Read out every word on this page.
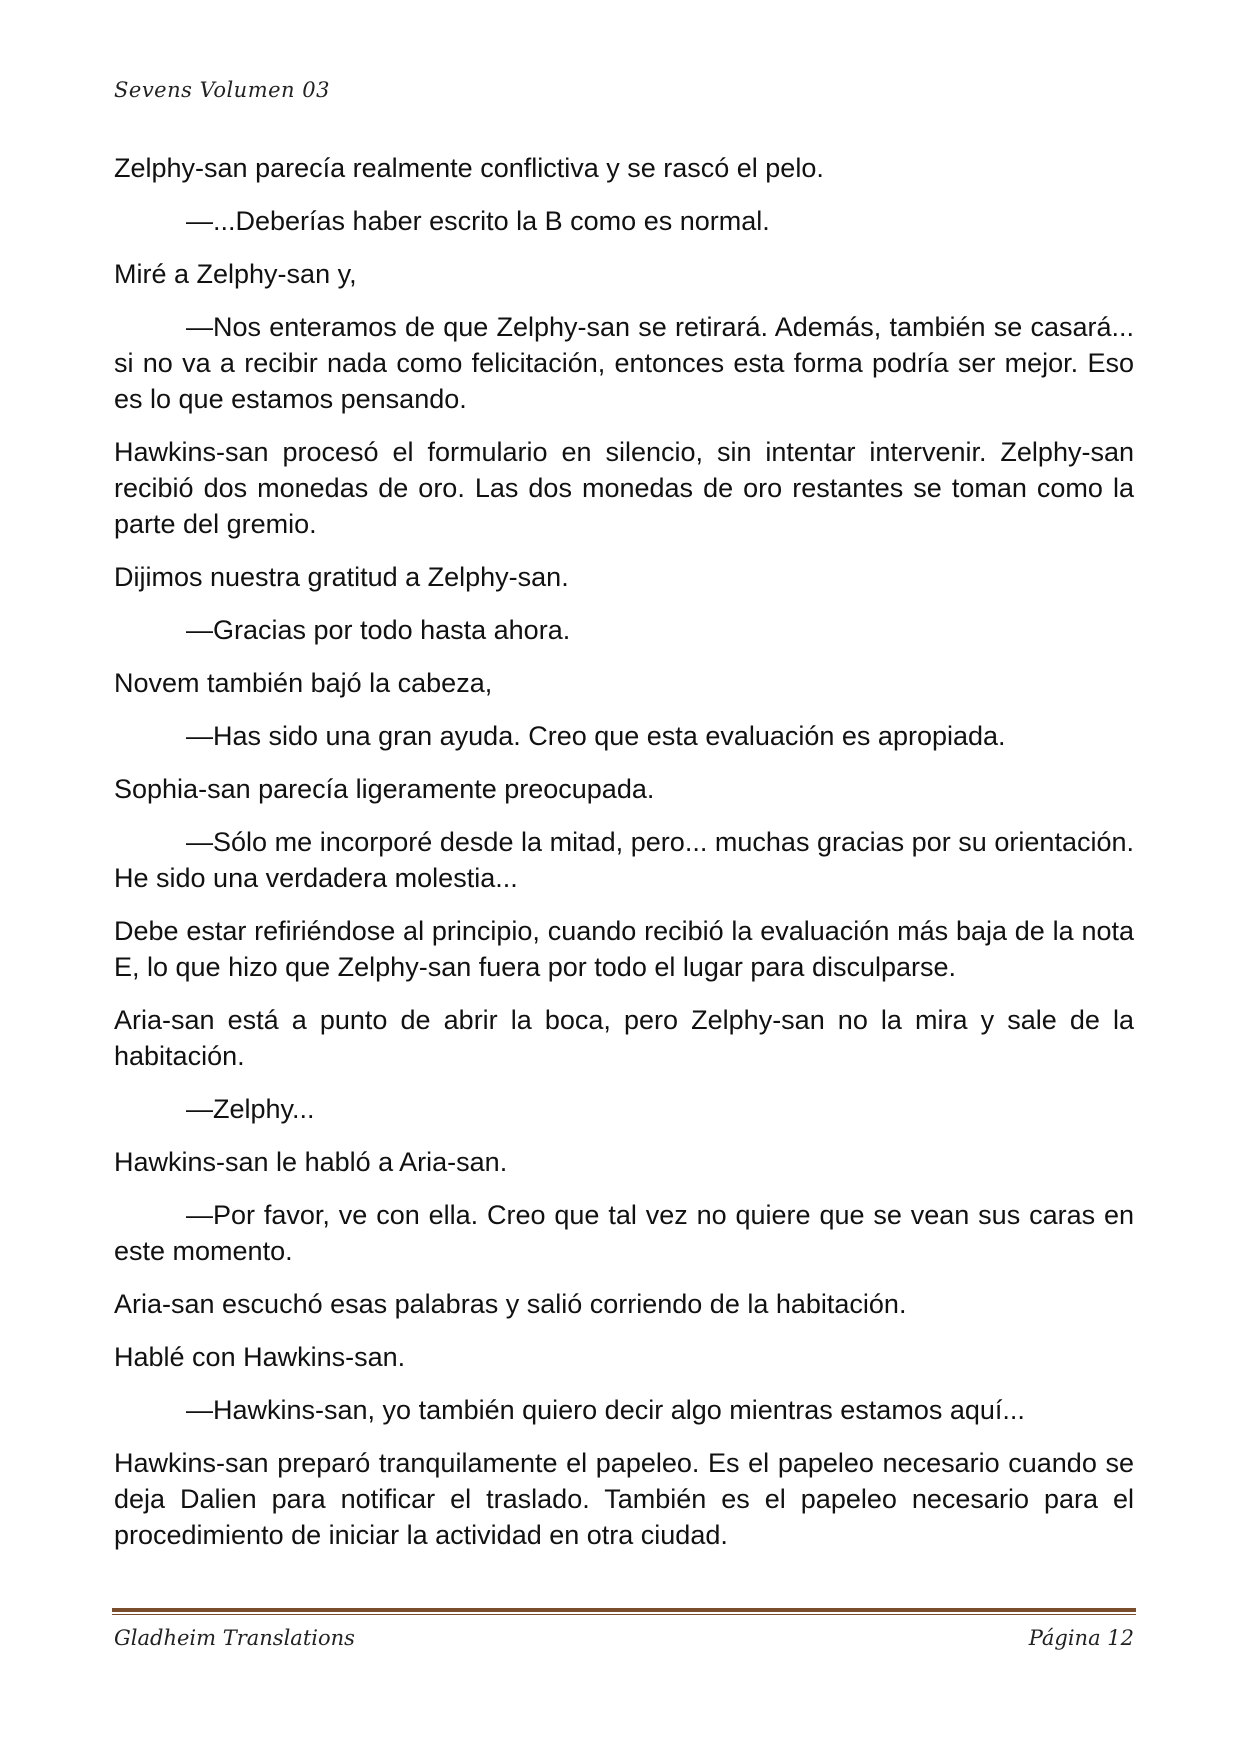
Sevens Volumen 03

Zelphy-san parecía realmente conflictiva y se rascó el pelo.

—...Deberías haber escrito la B como es normal.

Miré a Zelphy-san y,

—Nos enteramos de que Zelphy-san se retirará. Además, también se casará... si no va a recibir nada como felicitación, entonces esta forma podría ser mejor. Eso es lo que estamos pensando.

Hawkins-san procesó el formulario en silencio, sin intentar intervenir. Zelphy-san recibió dos monedas de oro. Las dos monedas de oro restantes se toman como la parte del gremio.

Dijimos nuestra gratitud a Zelphy-san.

—Gracias por todo hasta ahora.

Novem también bajó la cabeza,

—Has sido una gran ayuda. Creo que esta evaluación es apropiada.

Sophia-san parecía ligeramente preocupada.

—Sólo me incorporé desde la mitad, pero... muchas gracias por su orientación. He sido una verdadera molestia...

Debe estar refiriéndose al principio, cuando recibió la evaluación más baja de la nota E, lo que hizo que Zelphy-san fuera por todo el lugar para disculparse.

Aria-san está a punto de abrir la boca, pero Zelphy-san no la mira y sale de la habitación.

—Zelphy...

Hawkins-san le habló a Aria-san.

—Por favor, ve con ella. Creo que tal vez no quiere que se vean sus caras en este momento.

Aria-san escuchó esas palabras y salió corriendo de la habitación.

Hablé con Hawkins-san.

—Hawkins-san, yo también quiero decir algo mientras estamos aquí...

Hawkins-san preparó tranquilamente el papeleo. Es el papeleo necesario cuando se deja Dalien para notificar el traslado. También es el papeleo necesario para el procedimiento de iniciar la actividad en otra ciudad.

Gladheim Translations	Página 12
